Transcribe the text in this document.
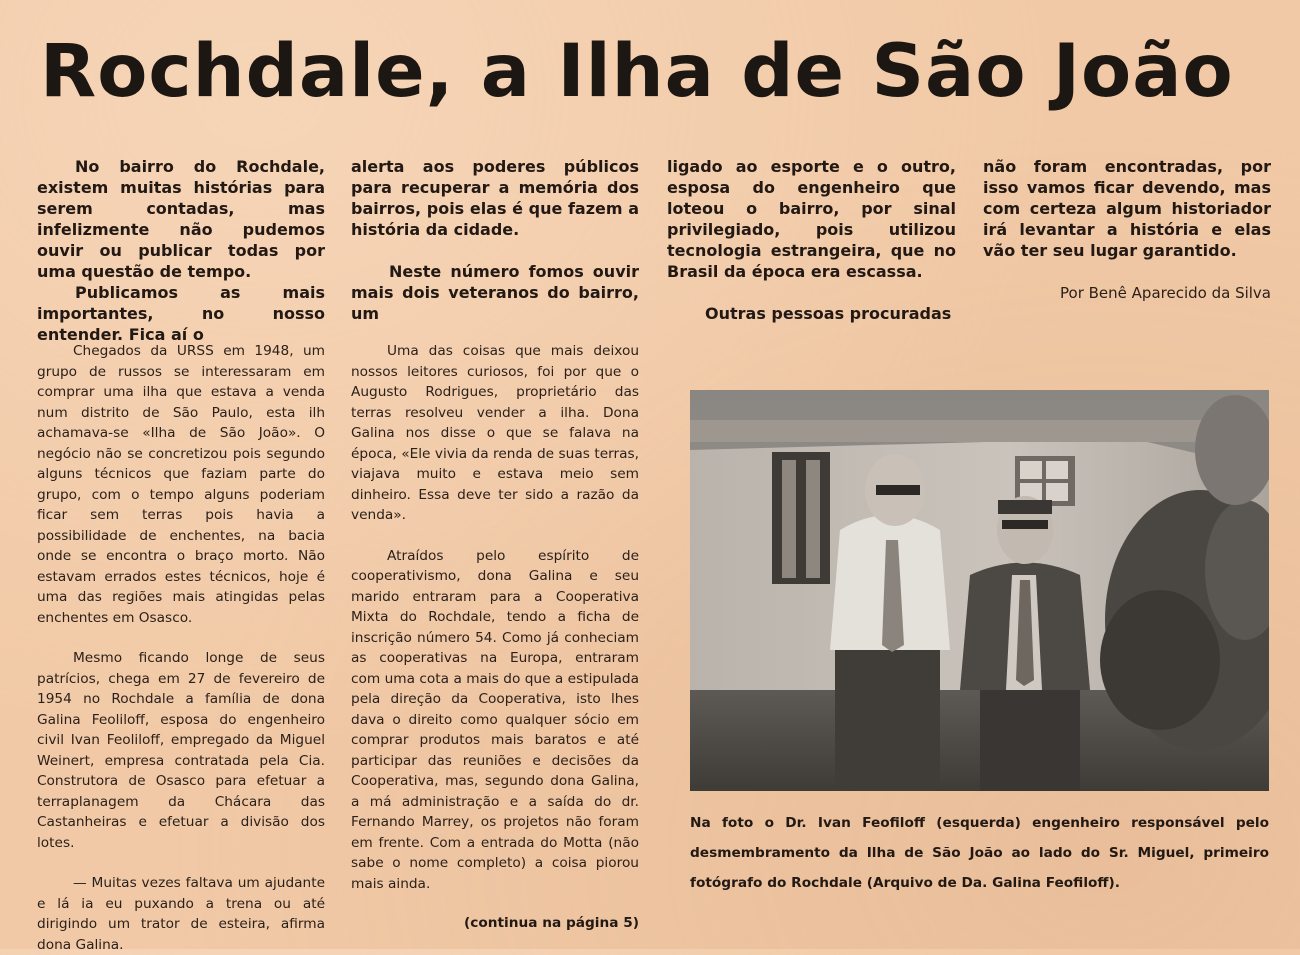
Rochdale, a Ilha de São João

No bairro do Rochdale, existem muitas histórias para serem contadas, mas infelizmente não pudemos ouvir ou publicar todas por uma questão de tempo.

Publicamos as mais importantes, no nosso entender. Fica aí o

alerta aos poderes públicos para recuperar a memória dos bairros, pois elas é que fazem a história da cidade.

Neste número fomos ouvir mais dois veteranos do bairro, um

ligado ao esporte e o outro, esposa do engenheiro que loteou o bairro, por sinal privilegiado, pois utilizou tecnologia estrangeira, que no Brasil da época era escassa.

Outras pessoas procuradas

não foram encontradas, por isso vamos ficar devendo, mas com certeza algum historiador irá levantar a história e elas vão ter seu lugar garantido.

Por Benê Aparecido da Silva

Chegados da URSS em 1948, um grupo de russos se interessaram em comprar uma ilha que estava a venda num distrito de São Paulo, esta ilh achamava-se «Ilha de São João». O negócio não se concretizou pois segundo alguns técnicos que faziam parte do grupo, com o tempo alguns poderiam ficar sem terras pois havia a possibilidade de enchentes, na bacia onde se encontra o braço morto. Não estavam errados estes técnicos, hoje é uma das regiões mais atingidas pelas enchentes em Osasco.

Mesmo ficando longe de seus patrícios, chega em 27 de fevereiro de 1954 no Rochdale a família de dona Galina Feoliloff, esposa do engenheiro civil Ivan Feoliloff, empregado da Miguel Weinert, empresa contratada pela Cia. Construtora de Osasco para efetuar a terraplanagem da Chácara das Castanheiras e efetuar a divisão dos lotes.

— Muitas vezes faltava um ajudante e lá ia eu puxando a trena ou até dirigindo um trator de esteira, afirma dona Galina.

Uma das coisas que mais deixou nossos leitores curiosos, foi por que o Augusto Rodrigues, proprietário das terras resolveu vender a ilha. Dona Galina nos disse o que se falava na época, «Ele vivia da renda de suas terras, viajava muito e estava meio sem dinheiro. Essa deve ter sido a razão da venda».

Atraídos pelo espírito de cooperativismo, dona Galina e seu marido entraram para a Cooperativa Mixta do Rochdale, tendo a ficha de inscrição número 54. Como já conheciam as cooperativas na Europa, entraram com uma cota a mais do que a estipulada pela direção da Cooperativa, isto lhes dava o direito como qualquer sócio em comprar produtos mais baratos e até participar das reuniões e decisões da Cooperativa, mas, segundo dona Galina, a má administração e a saída do dr. Fernando Marrey, os projetos não foram em frente. Com a entrada do Motta (não sabe o nome completo) a coisa piorou mais ainda.

(continua na página 5)

Na foto o Dr. Ivan Feofiloff (esquerda) engenheiro responsável pelo desmembramento da Ilha de São João ao lado do Sr. Miguel, primeiro fotógrafo do Rochdale (Arquivo de Da. Galina Feofiloff).
